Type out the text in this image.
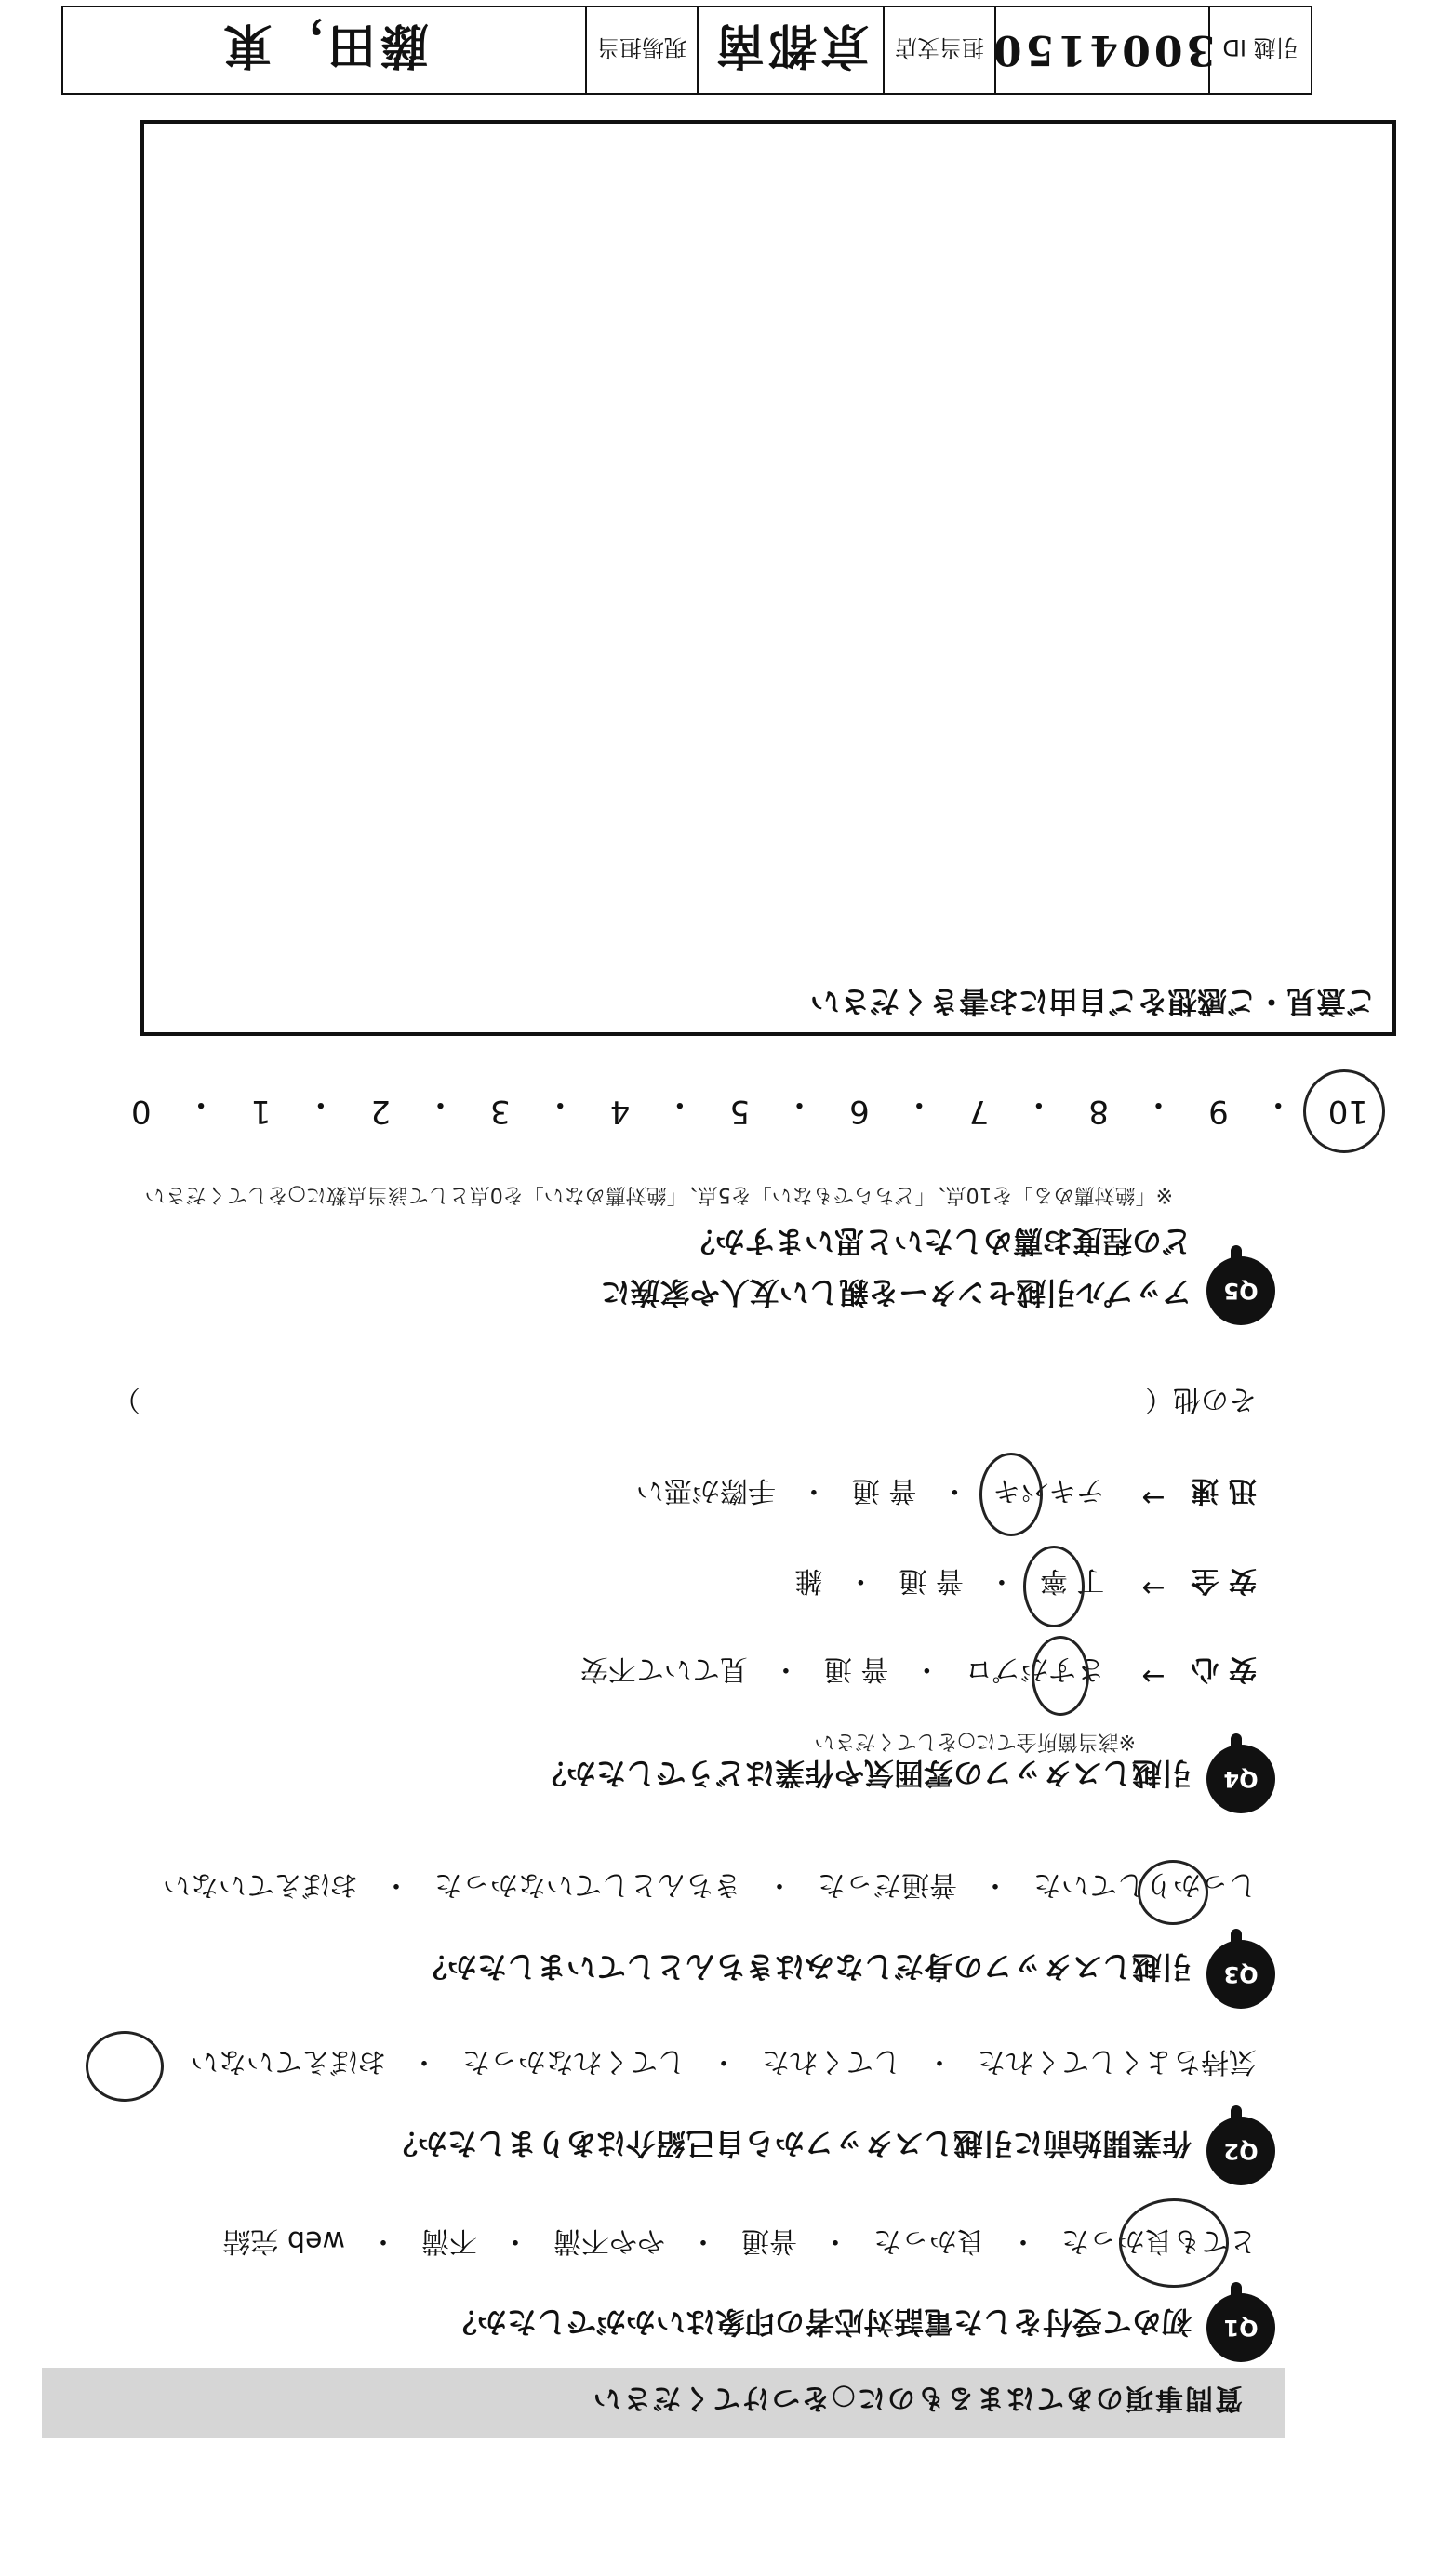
質問事項のあてはまるものに○をつけてください
Q1
初めて受付をした電話対応者の印象はいかがでしたか？
とても良かった
・
良かった
・
普通
・
やや不満
・
不満
・
web 完結
Q2
作業開始前に引越しスタッフから自己紹介はありましたか？
気持ちよくしてくれた
・
してくれた
・
してくれなかった
・
おぼえていない
Q3
引越しスタッフの身だしなみはきちんとしていましたか？
しっかりしていた
・
普通だった
・
きちんとしていなかった
・
おぼえていない
Q4
引越しスタッフの雰囲気や作業はどうでしたか？
※該当箇所全てに○をしてください
安 心
→
さすがプロ
・
普 通
・
見ていて不安
安 全
→
丁 寧
・
普 通
・
雑
迅 速
→
テキパキ
・
普 通
・
手際が悪い
その他（
）
Q5
アップル引越センターを親しい友人や家族に
どの程度お薦めしたいと思いますか？
※「絶対薦める」を10点、「どちらでもない」を5点、「絶対薦めない」を0点として該当点数に○をしてください
10
・
9
・
8
・
7
・
6
・
5
・
4
・
3
・
2
・
1
・
0
ご意見・ご感想をご自由にお書きください
引越 ID
3004150
担当支店
京都南
現場担当
藤田，東
